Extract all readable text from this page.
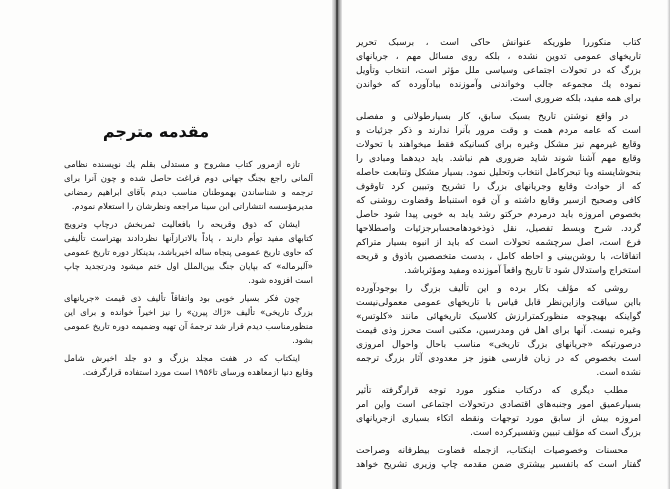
مقدمه مترجم
تازه ازمرور کتاب مشروح و مستدلی بقلم یك نویسنده نظامی
آلمانی راجع بجنگ جهانی دوم فراغت حاصل شده و چون آنرا برای
ترجمه و شناساندن بهموطنان مناسب دیدم بآقای ابراهیم رمضانی
مدیرمؤسسه انتشاراتی ابن سینا مراجعه ونظرشان را استعلام نمودم.
ایشان که ذوق وقریحه را بافعالیت ثمربخش درچاپ وترویج
کتابهای مفید توأم دارند ، پاداً بالاترازآنها نظردادند بهتراست تألیفی
که حاوی تاریخ عمومی پنجاه ساله اخیرباشد، بدینکار دوره تاریخ عمومی
«آلبرماله» که بپایان جنگ بین‌الملل اول ختم میشود ودرتجدید چاپ
است افزوده شود.
چون فکر بسیار خوبی بود واتفاقاً تألیف ذی قیمت «جریانهای
بزرگ تاریخی» تألیف «ژاك پیرن» را نیز اخیراً خوانده و برای این
منظورمناسب دیدم قرار شد ترجمهٔ آن تهیه وضمیمه دوره تاریخ عمومی
بشود.
اینکتاب که در هفت مجلد بزرگ و دو جلد اخیرش شامل
وقایع دنیا ازمعاهده ورسای تا۱۹۵۶ است مورد استفاده قرارگرفت.
کتاب منکوررا طوریکه عنوانش حاکی است ، برسبک تحریر
تاریخهای عمومی تدوین نشده ، بلکه روی مسائل مهم ، جریانهای
بزرگ که در تحولات اجتماعی وسیاسی ملل مؤثر است، انتخاب وتأویل
نموده یك مجموعه جالب وخواندنی وآموزنده بیادآورده که خواندن
برای همه مفید، بلکه ضروری است.
در واقع نوشتن تاریخ بسبک سابق، کار بسیارطولانی و مفصلی
است که عامه مردم همت و وقت مرور بآنرا ندارند و ذکر جزئیات و
وقایع غیرمهم نیز مشکل وغیره برای کسانیکه فقط میخواهند با تحولات
وقایع مهم آشنا شوند شاید ضروری هم نباشد. باید دیدهما ومبادی را
بنحوشایسته وبا تبحرکامل انتخاب وتحلیل نمود. بسیار مشکل وتنابعت حاصله
که از حوادث وقایع وجریانهای بزرگ را تشریح وتبیین کرد تاوقوف
کافی وصحیح ازسیر وقایع داشته و آن قوه استنباط وقضاوت روشنی که
بخصوص امروزه باید درمردم حرکتو رشد یابد به خوبی پیدا شود حاصل
گردد. شرح وبسط تفصیل، نقل ذوذخودهامحسابرجزئیات واصطلاحها
فرع است، اصل سرچشمه تحولات است که باید از انبوه بسیار متراکم
اتفاقات، با روشن‌بینی و احاطه کامل ، بدست متخصصین باذوق و قریحه
استخراج واستدلال شود تا تاریخ واقعاً آموزنده ومفید ومؤثرباشد.
روشی که مؤلف بکار برده و این تألیف بزرگ را بوجودآورده
بااین سیاقت وازاین‌نظر قابل قیاس با تاریخهای عمومی معمولی‌نیست
گواینکه بهیچوجه منظورکمترارزش کلاسیک تاریخهائی مانند «کلوتس»
وغیره نیست. آنها برای اهل فن ومدرسین، مکتبی است محرز وذی قیمت
درصورتیکه «جریانهای بزرگ تاریخی» مناسب باحال واحوال امروزی
است بخصوص که در زبان فارسی هنوز جز معدودی آثار بزرگ ترجمه
نشده است.
مطلب دیگری که درکتاب منکور مورد توجه قرارگرفته تأثیر
بسیارعمیق امور وجنبه‌های اقتصادی درتحولات اجتماعی است واین امر
امروزه بیش از سابق مورد توجهات ونقطه اتکاء بسیاری ازجریانهای
بزرگ است که مؤلف تبیین وتفسیرکرده است.
محسنات وخصوصیات اینکتاب، ازجمله قضاوت بیطرفانه وصراحت
گفتار است که باتفسیر بیشتری ضمن مقدمه چاپ وزیری تشریح خواهد
